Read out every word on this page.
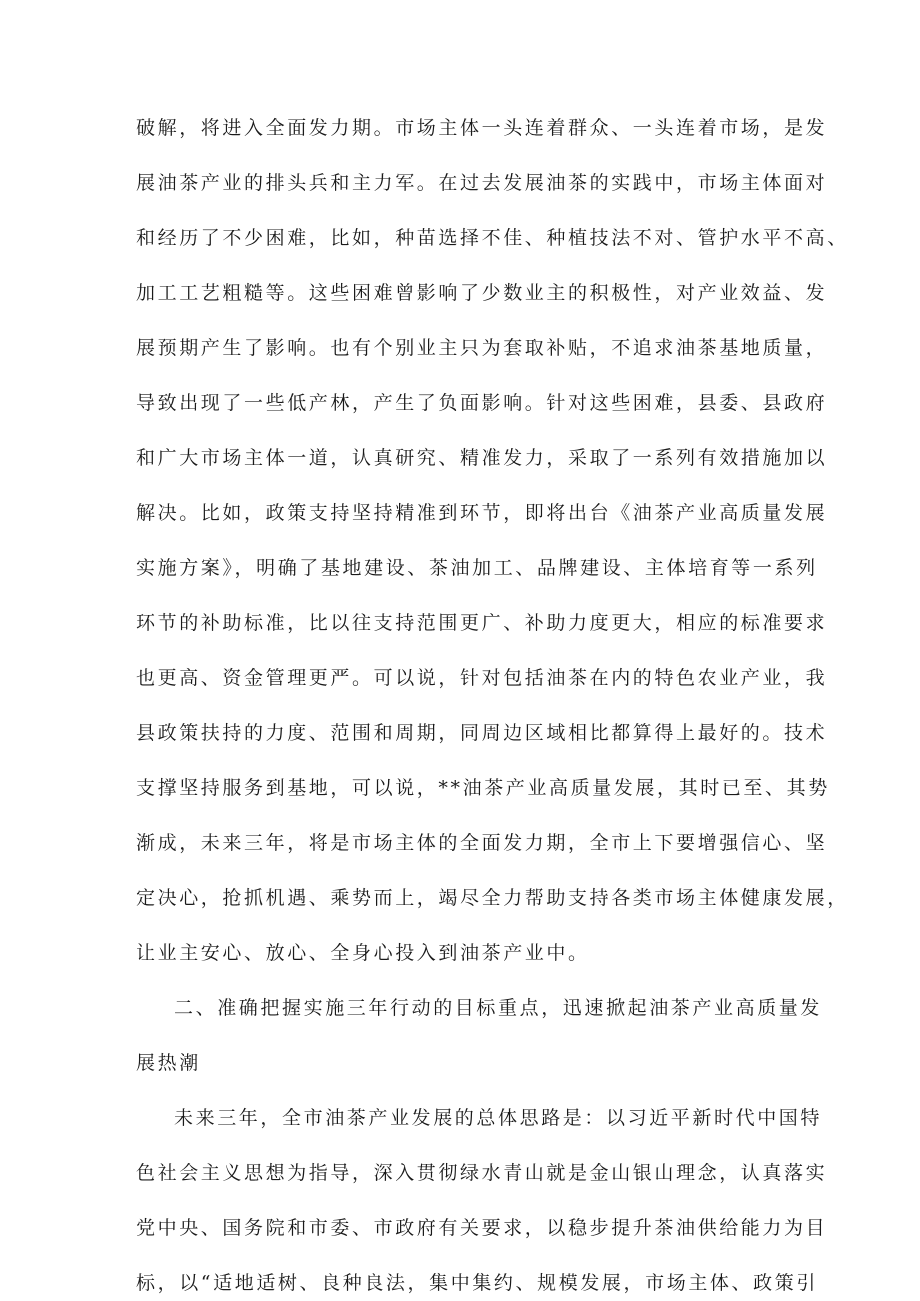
破解，将进入全面发力期。市场主体一头连着群众、一头连着市场，是发
展油茶产业的排头兵和主力军。在过去发展油茶的实践中，市场主体面对
和经历了不少困难，比如，种苗选择不佳、种植技法不对、管护水平不高、
加工工艺粗糙等。这些困难曾影响了少数业主的积极性，对产业效益、发
展预期产生了影响。也有个别业主只为套取补贴，不追求油茶基地质量，
导致出现了一些低产林，产生了负面影响。针对这些困难，县委、县政府
和广大市场主体一道，认真研究、精准发力，采取了一系列有效措施加以
解决。比如，政策支持坚持精准到环节，即将出台《油茶产业高质量发展
实施方案》，明确了基地建设、茶油加工、品牌建设、主体培育等一系列
环节的补助标准，比以往支持范围更广、补助力度更大，相应的标准要求
也更高、资金管理更严。可以说，针对包括油茶在内的特色农业产业，我
县政策扶持的力度、范围和周期，同周边区域相比都算得上最好的。技术
支撑坚持服务到基地，可以说，**油茶产业高质量发展，其时已至、其势
渐成，未来三年，将是市场主体的全面发力期，全市上下要增强信心、坚
定决心，抢抓机遇、乘势而上，竭尽全力帮助支持各类市场主体健康发展，
让业主安心、放心、全身心投入到油茶产业中。
二、准确把握实施三年行动的目标重点，迅速掀起油茶产业高质量发
展热潮
未来三年，全市油茶产业发展的总体思路是：以习近平新时代中国特
色社会主义思想为指导，深入贯彻绿水青山就是金山银山理念，认真落实
党中央、国务院和市委、市政府有关要求，以稳步提升茶油供给能力为目
标，以“适地适树、良种良法，集中集约、规模发展，市场主体、政策引
